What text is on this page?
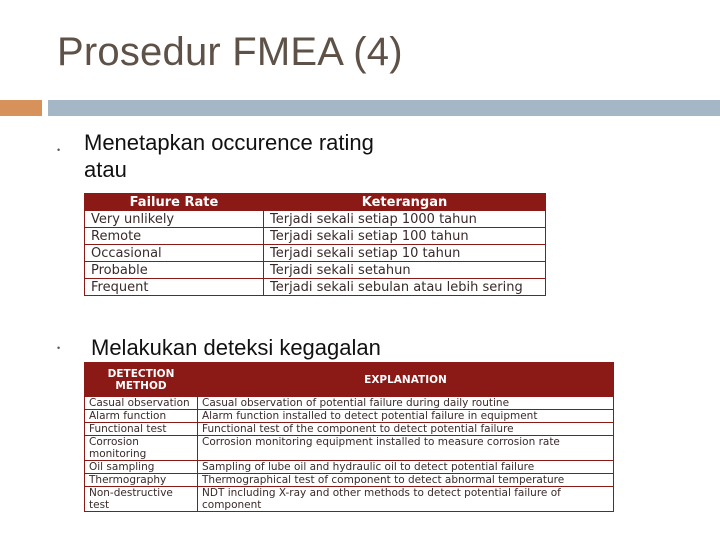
Prosedur FMEA (4)
• Menetapkan occurence rating
atau
Failure Rate	Keterangan
Very unlikely	Terjadi sekali setiap 1000 tahun
Remote	Terjadi sekali setiap 100 tahun
Occasional	Terjadi sekali setiap 10 tahun
Probable	Terjadi sekali setahun
Frequent	Terjadi sekali sebulan atau lebih sering
• Melakukan deteksi kegagalan
DETECTION METHOD	EXPLANATION
Casual observation	Casual observation of potential failure during daily routine
Alarm function	Alarm function installed to detect potential failure in equipment
Functional test	Functional test of the component to detect potential failure
Corrosion monitoring	Corrosion monitoring equipment installed to measure corrosion rate
Oil sampling	Sampling of lube oil and hydraulic oil to detect potential failure
Thermography	Thermographical test of component to detect abnormal temperature
Non-destructive test	NDT including X-ray and other methods to detect potential failure of component
